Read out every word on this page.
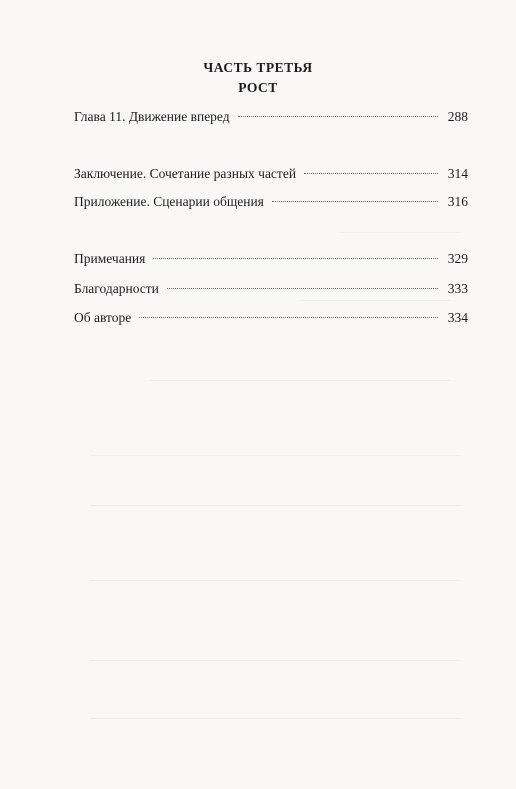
ЧАСТЬ ТРЕТЬЯ
РОСТ
Глава 11. Движение вперед	288
Заключение. Сочетание разных частей	314
Приложение. Сценарии общения	316
Примечания	329
Благодарности	333
Об авторе	334
